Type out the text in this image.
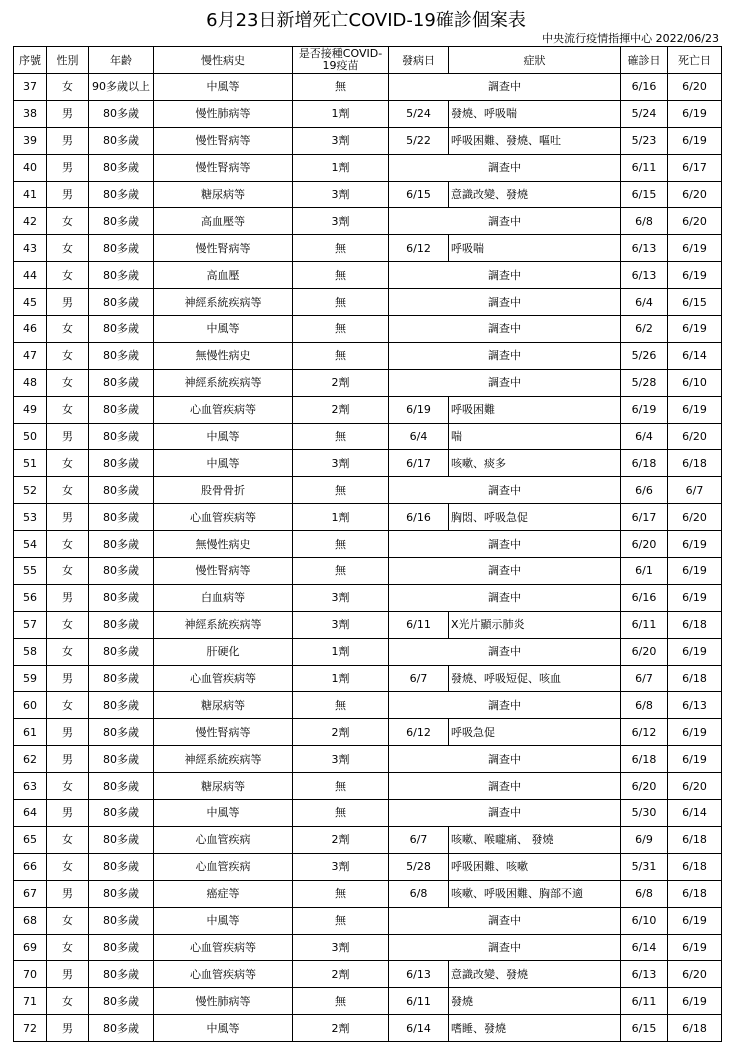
6月23日新增死亡COVID-19確診個案表
中央流行疫情指揮中心 2022/06/23
序號	性別	年齡	慢性病史	是否接種COVID-19疫苗	發病日	症狀	確診日	死亡日
37	女	90多歲以上	中風等	無	調查中		6/16	6/20
38	男	80多歲	慢性肺病等	1劑	5/24	發燒、呼吸喘	5/24	6/19
39	男	80多歲	慢性腎病等	3劑	5/22	呼吸困難、發燒、嘔吐	5/23	6/19
40	男	80多歲	慢性腎病等	1劑	調查中		6/11	6/17
41	男	80多歲	糖尿病等	3劑	6/15	意識改變、發燒	6/15	6/20
42	女	80多歲	高血壓等	3劑	調查中		6/8	6/20
43	女	80多歲	慢性腎病等	無	6/12	呼吸喘	6/13	6/19
44	女	80多歲	高血壓	無	調查中		6/13	6/19
45	男	80多歲	神經系統疾病等	無	調查中		6/4	6/15
46	女	80多歲	中風等	無	調查中		6/2	6/19
47	女	80多歲	無慢性病史	無	調查中		5/26	6/14
48	女	80多歲	神經系統疾病等	2劑	調查中		5/28	6/10
49	女	80多歲	心血管疾病等	2劑	6/19	呼吸困難	6/19	6/19
50	男	80多歲	中風等	無	6/4	喘	6/4	6/20
51	女	80多歲	中風等	3劑	6/17	咳嗽、痰多	6/18	6/18
52	女	80多歲	股骨骨折	無	調查中		6/6	6/7
53	男	80多歲	心血管疾病等	1劑	6/16	胸悶、呼吸急促	6/17	6/20
54	女	80多歲	無慢性病史	無	調查中		6/20	6/19
55	女	80多歲	慢性腎病等	無	調查中		6/1	6/19
56	男	80多歲	白血病等	3劑	調查中		6/16	6/19
57	女	80多歲	神經系統疾病等	3劑	6/11	X光片顯示肺炎	6/11	6/18
58	女	80多歲	肝硬化	1劑	調查中		6/20	6/19
59	男	80多歲	心血管疾病等	1劑	6/7	發燒、呼吸短促、咳血	6/7	6/18
60	女	80多歲	糖尿病等	無	調查中		6/8	6/13
61	男	80多歲	慢性腎病等	2劑	6/12	呼吸急促	6/12	6/19
62	男	80多歲	神經系統疾病等	3劑	調查中		6/18	6/19
63	女	80多歲	糖尿病等	無	調查中		6/20	6/20
64	男	80多歲	中風等	無	調查中		5/30	6/14
65	女	80多歲	心血管疾病	2劑	6/7	咳嗽、喉嚨痛、 發燒	6/9	6/18
66	女	80多歲	心血管疾病	3劑	5/28	呼吸困難、咳嗽	5/31	6/18
67	男	80多歲	癌症等	無	6/8	咳嗽、呼吸困難、胸部不適	6/8	6/18
68	女	80多歲	中風等	無	調查中		6/10	6/19
69	女	80多歲	心血管疾病等	3劑	調查中		6/14	6/19
70	男	80多歲	心血管疾病等	2劑	6/13	意識改變、發燒	6/13	6/20
71	女	80多歲	慢性肺病等	無	6/11	發燒	6/11	6/19
72	男	80多歲	中風等	2劑	6/14	嗜睡、發燒	6/15	6/18
